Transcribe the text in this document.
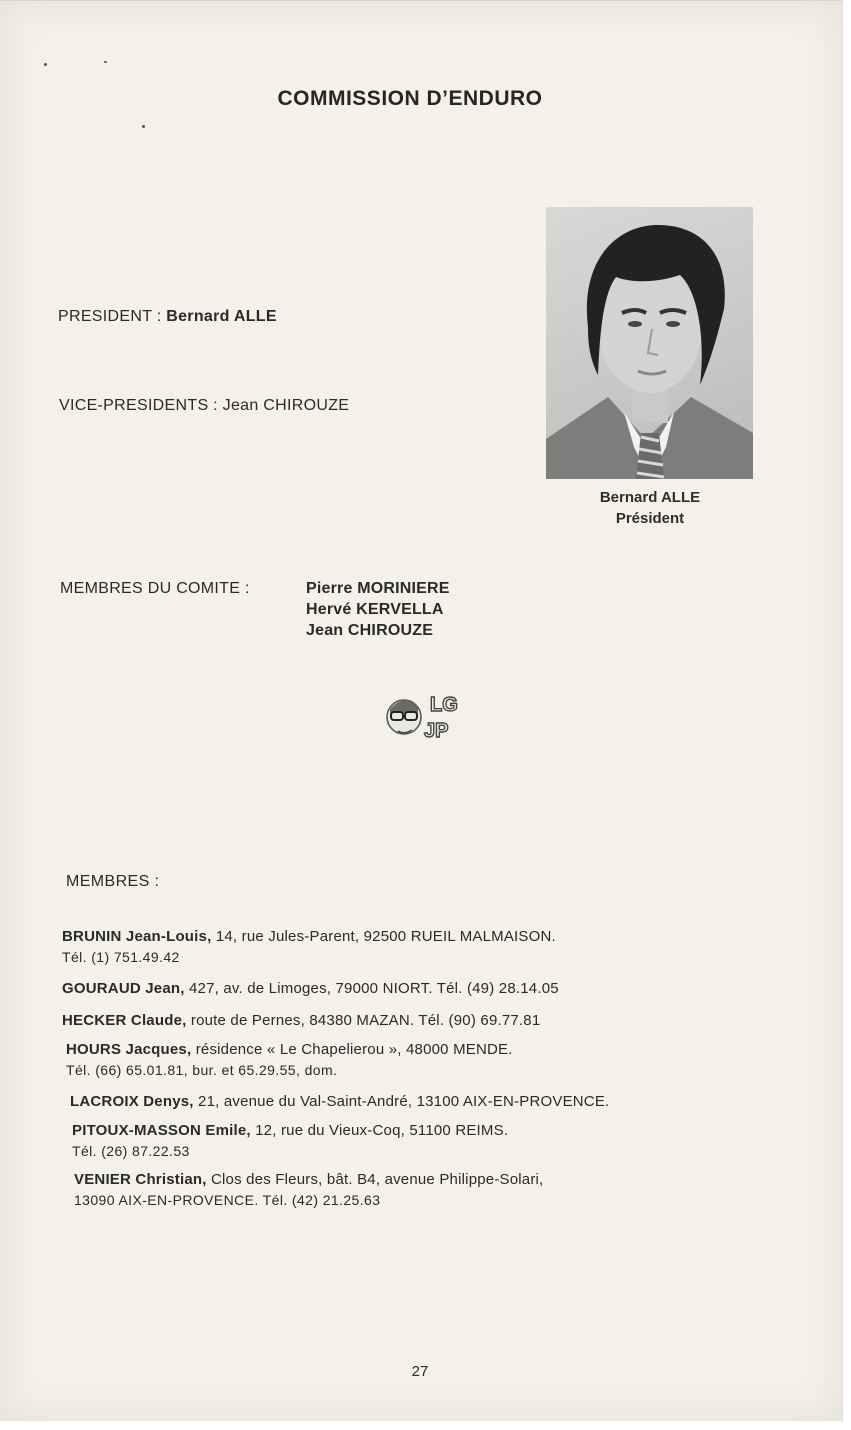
COMMISSION D’ENDURO
PRESIDENT : Bernard ALLE
VICE-PRESIDENTS : Jean CHIROUZE
Bernard ALLE
Président
MEMBRES DU COMITE :	Pierre MORINIERE
Hervé KERVELLA
Jean CHIROUZE
LG
JP
MEMBRES :
BRUNIN Jean-Louis, 14, rue Jules-Parent, 92500 RUEIL MALMAISON.
Tél. (1) 751.49.42
GOURAUD Jean, 427, av. de Limoges, 79000 NIORT. Tél. (49) 28.14.05
HECKER Claude, route de Pernes, 84380 MAZAN. Tél. (90) 69.77.81
HOURS Jacques, résidence « Le Chapelierou », 48000 MENDE.
Tél. (66) 65.01.81, bur. et 65.29.55, dom.
LACROIX Denys, 21, avenue du Val-Saint-André, 13100 AIX-EN-PROVENCE.
PITOUX-MASSON Emile, 12, rue du Vieux-Coq, 51100 REIMS.
Tél. (26) 87.22.53
VENIER Christian, Clos des Fleurs, bât. B4, avenue Philippe-Solari,
13090 AIX-EN-PROVENCE. Tél. (42) 21.25.63
27
